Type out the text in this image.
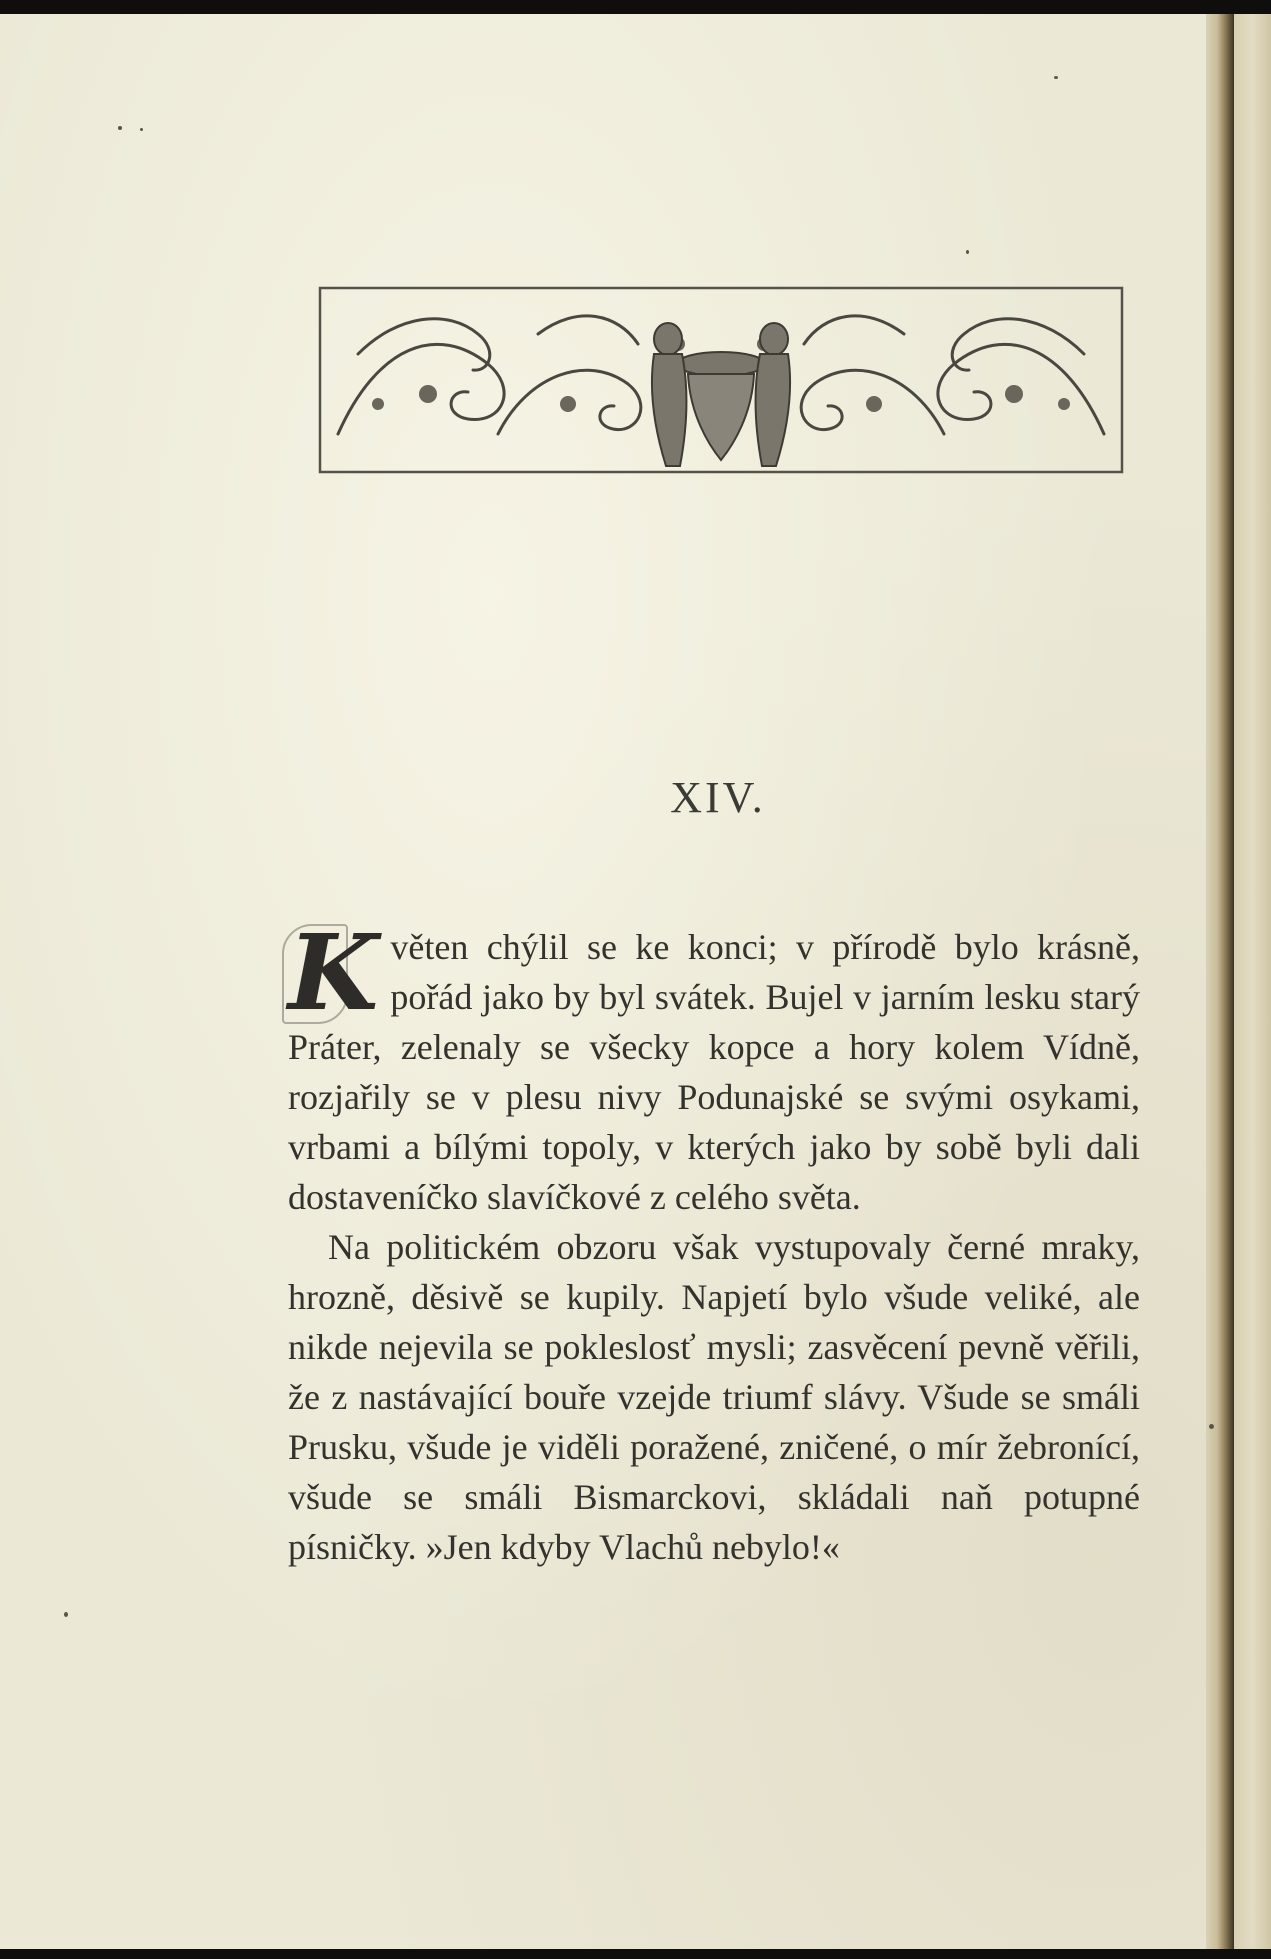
XIV.

Květen chýlil se ke konci; v přírodě bylo krásně, pořád jako by byl svátek. Bujel v jarním lesku starý Práter, zelenaly se všecky kopce a hory kolem Vídně, rozjařily se v plesu nivy Podunajské se svými osykami, vrbami a bílými topoly, v kterých jako by sobě byli dali dostaveníčko slavíčkové z celého světa.

Na politickém obzoru však vystupovaly černé mraky, hrozně, děsivě se kupily. Napjetí bylo všude veliké, ale nikde nejevila se pokleslosť mysli; zasvěcení pevně věřili, že z nastávající bouře vzejde triumf slávy. Všude se smáli Prusku, všude je viděli poražené, zničené, o mír žebronící, všude se smáli Bismarckovi, skládali naň potupné písničky. »Jen kdyby Vlachů nebylo!«
